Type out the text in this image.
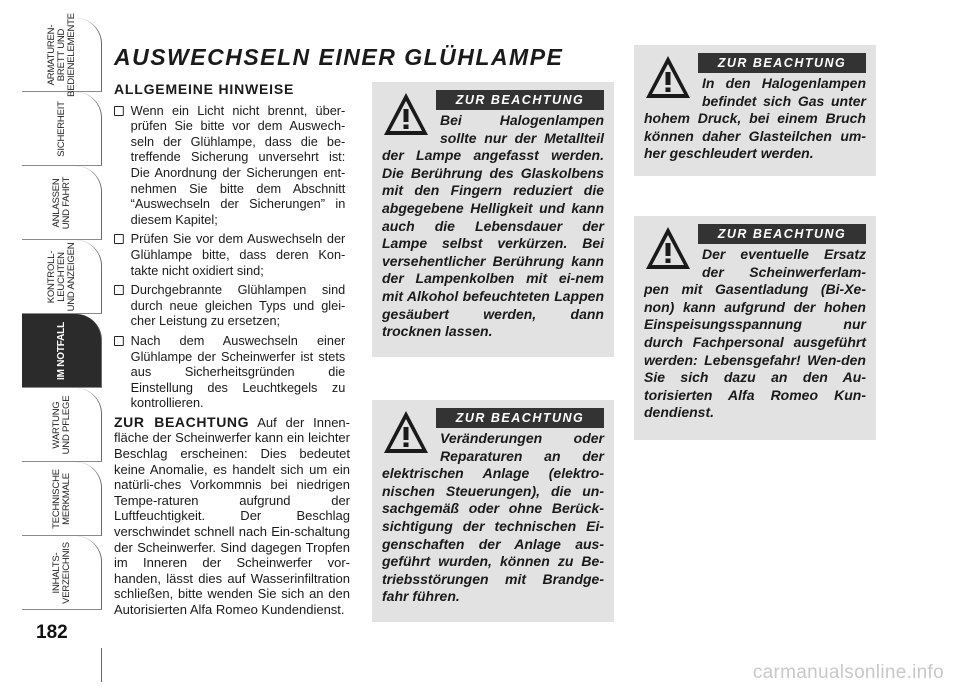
ARMATUREN-
BRETT UND
BEDIENELEMENTE
SICHERHEIT
ANLASSEN
UND FAHRT
KONTROLL-
LEUCHTEN
UND ANZEIGEN
IM NOTFALL
WARTUNG
UND PFLEGE
TECHNISCHE
MERKMALE
INHALTS-
VERZEICHNIS
182
AUSWECHSELN EINER GLÜHLAMPE
ALLGEMEINE HINWEISE
Wenn ein Licht nicht brennt, über-prüfen Sie bitte vor dem Auswech-seln der Glühlampe, dass die be-treffende Sicherung unversehrt ist: Die Anordnung der Sicherungen ent-nehmen Sie bitte dem Abschnitt “Auswechseln der Sicherungen” in diesem Kapitel;
Prüfen Sie vor dem Auswechseln der Glühlampe bitte, dass deren Kon-takte nicht oxidiert sind;
Durchgebrannte Glühlampen sind durch neue gleichen Typs und glei-cher Leistung zu ersetzen;
Nach dem Auswechseln einer Glühlampe der Scheinwerfer ist stets aus Sicherheitsgründen die Einstellung des Leuchtkegels zu kontrollieren.
ZUR BEACHTUNG Auf der Innen-fläche der Scheinwerfer kann ein leichter Beschlag erscheinen: Dies bedeutet keine Anomalie, es handelt sich um ein natürli-ches Vorkommnis bei niedrigen Tempe-raturen aufgrund der Luftfeuchtigkeit. Der Beschlag verschwindet schnell nach Ein-schaltung der Scheinwerfer. Sind dagegen Tropfen im Inneren der Scheinwerfer vor-handen, lässt dies auf Wasserinfiltration schließen, bitte wenden Sie sich an den Autorisierten Alfa Romeo Kundendienst.
ZUR BEACHTUNG
Bei Halogenlampen sollte nur der Metallteil der Lampe angefasst werden. Die Berührung des Glaskolbens mit den Fingern reduziert die abgegebene Helligkeit und kann auch die Lebensdauer der Lampe selbst verkürzen. Bei versehentlicher Berührung kann der Lampenkolben mit ei-nem mit Alkohol befeuchteten Lappen gesäubert werden, dann trocknen lassen.
ZUR BEACHTUNG
Veränderungen oder Reparaturen an der elektrischen Anlage (elektro-nischen Steuerungen), die un-sachgemäß oder ohne Berück-sichtigung der technischen Ei-genschaften der Anlage aus-geführt wurden, können zu Be-triebsstörungen mit Brandge-fahr führen.
ZUR BEACHTUNG
In den Halogenlampen befindet sich Gas unter hohem Druck, bei einem Bruch können daher Glasteilchen um-her geschleudert werden.
ZUR BEACHTUNG
Der eventuelle Ersatz der Scheinwerferlam-pen mit Gasentladung (Bi-Xe-non) kann aufgrund der hohen Einspeisungsspannung nur durch Fachpersonal ausgeführt werden: Lebensgefahr! Wen-den Sie sich dazu an den Au-torisierten Alfa Romeo Kun-dendienst.
carmanualsonline.info
